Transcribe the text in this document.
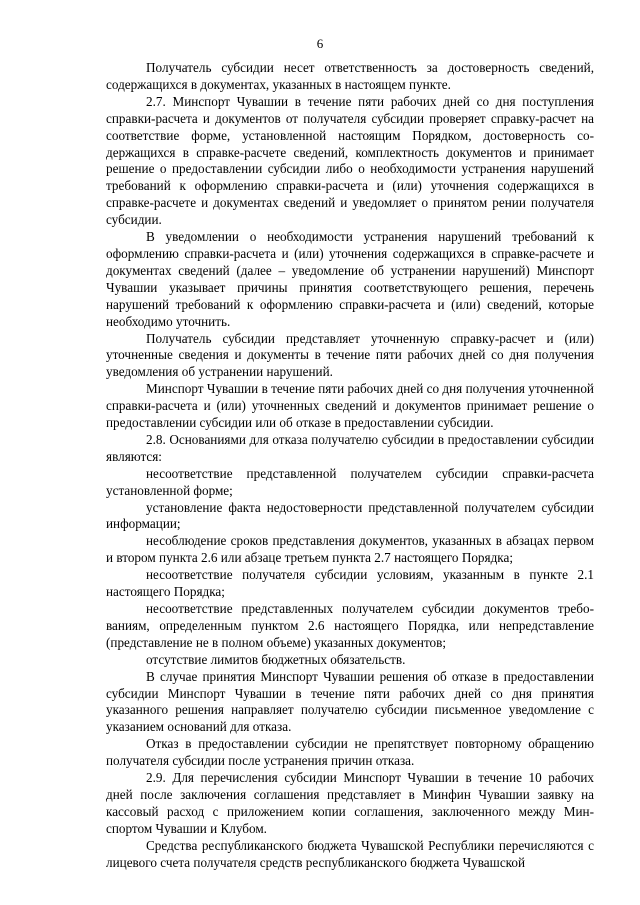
6

Получатель субсидии несет ответственность за достоверность сведений, содержащихся в документах, указанных в настоящем пункте.

2.7. Минспорт Чувашии в течение пяти рабочих дней со дня поступления справки-расчета и документов от получателя субсидии проверяет справку-расчет на соответствие форме, установленной настоящим Порядком, достоверность содержащихся в справке-расчете сведений, комплектность документов и принимает решение о предоставлении субсидии либо о необходимости устранения нарушений требований к оформлению справки-расчета и (или) уточнения содержащихся в справке-расчете и документах сведений и уведомляет о принятом рении получателя субсидии.

В уведомлении о необходимости устранения нарушений требований к оформлению справки-расчета и (или) уточнения содержащихся в справке-расчете и документах сведений (далее – уведомление об устранении нарушений) Минспорт Чувашии указывает причины принятия соответствующего решения, перечень нарушений требований к оформлению справки-расчета и (или) сведений, которые необходимо уточнить.

Получатель субсидии представляет уточненную справку-расчет и (или) уточненные сведения и документы в течение пяти рабочих дней со дня получения уведомления об устранении нарушений.

Минспорт Чувашии в течение пяти рабочих дней со дня получения уточненной справки-расчета и (или) уточненных сведений и документов принимает решение о предоставлении субсидии или об отказе в предоставлении субсидии.

2.8. Основаниями для отказа получателю субсидии в предоставлении субсидии являются:

несоответствие представленной получателем субсидии справки-расчета установленной форме;

установление факта недостоверности представленной получателем субсидии информации;

несоблюдение сроков представления документов, указанных в абзацах первом и втором пункта 2.6 или абзаце третьем пункта 2.7 настоящего Порядка;

несоответствие получателя субсидии условиям, указанным в пункте 2.1 настоящего Порядка;

несоответствие представленных получателем субсидии документов требованиям, определенным пунктом 2.6 настоящего Порядка, или непредставление (представление не в полном объеме) указанных документов;

отсутствие лимитов бюджетных обязательств.

В случае принятия Минспорт Чувашии решения об отказе в предоставлении субсидии Минспорт Чувашии в течение пяти рабочих дней со дня принятия указанного решения направляет получателю субсидии письменное уведомление с указанием оснований для отказа.

Отказ в предоставлении субсидии не препятствует повторному обращению получателя субсидии после устранения причин отказа.

2.9. Для перечисления субсидии Минспорт Чувашии в течение 10 рабочих дней после заключения соглашения представляет в Минфин Чувашии заявку на кассовый расход с приложением копии соглашения, заключенного между Минспортом Чувашии и Клубом.

Средства республиканского бюджета Чувашской Республики перечисляются с лицевого счета получателя средств республиканского бюджета Чувашской
